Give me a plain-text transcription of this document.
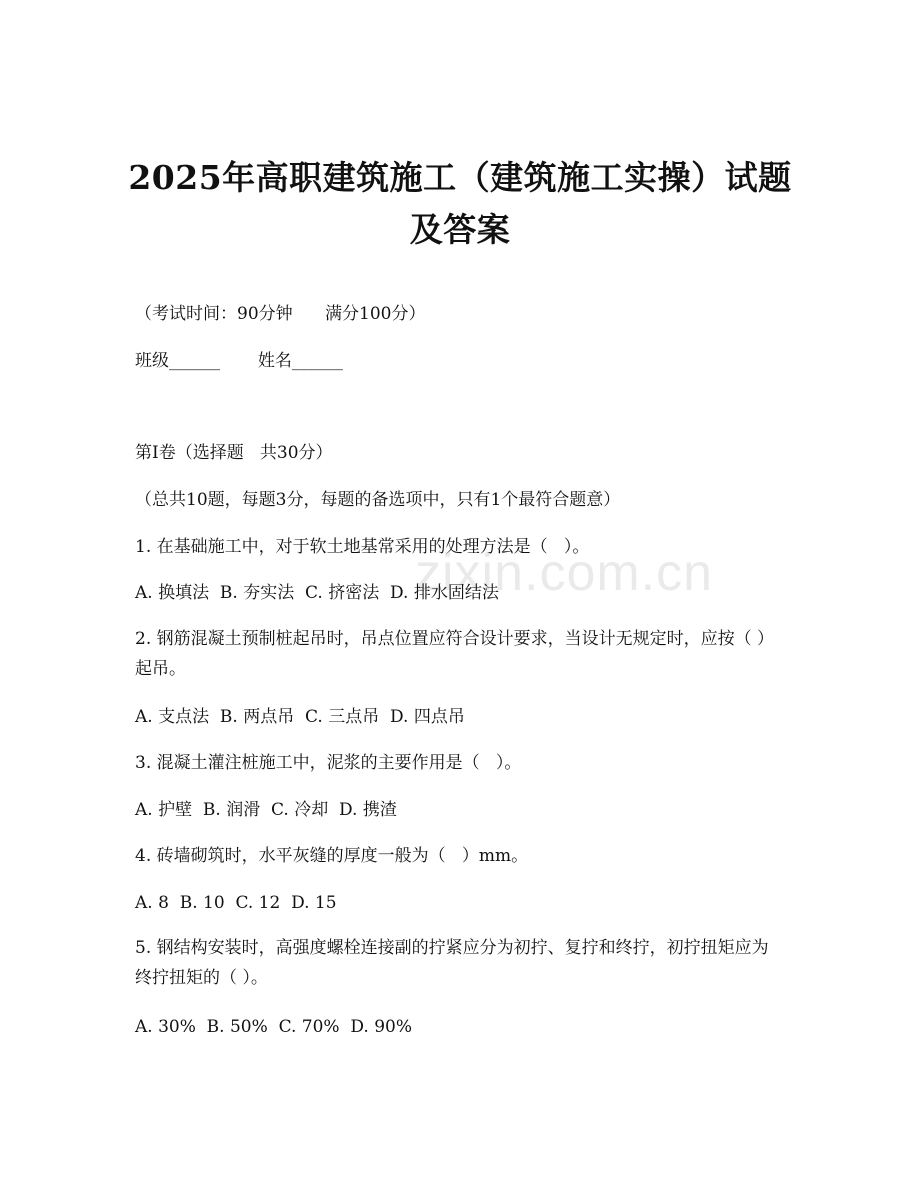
2025年高职建筑施工（建筑施工实操）试题
及答案
（考试时间：90分钟      满分100分）
班级______       姓名______
第I卷（选择题   共30分）
（总共10题，每题3分，每题的备选项中，只有1个最符合题意）
1. 在基础施工中，对于软土地基常采用的处理方法是（   ）。
A. 换填法  B. 夯实法  C. 挤密法  D. 排水固结法
2. 钢筋混凝土预制桩起吊时，吊点位置应符合设计要求，当设计无规定时，应按（ ）起吊。
A. 支点法  B. 两点吊  C. 三点吊  D. 四点吊
3. 混凝土灌注桩施工中，泥浆的主要作用是（   ）。
A. 护壁  B. 润滑  C. 冷却  D. 携渣
4. 砖墙砌筑时，水平灰缝的厚度一般为（   ）mm。
A. 8  B. 10  C. 12  D. 15
5. 钢结构安装时，高强度螺栓连接副的拧紧应分为初拧、复拧和终拧，初拧扭矩应为终拧扭矩的（ ）。
A. 30%  B. 50%  C. 70%  D. 90%
zixin.com.cn
